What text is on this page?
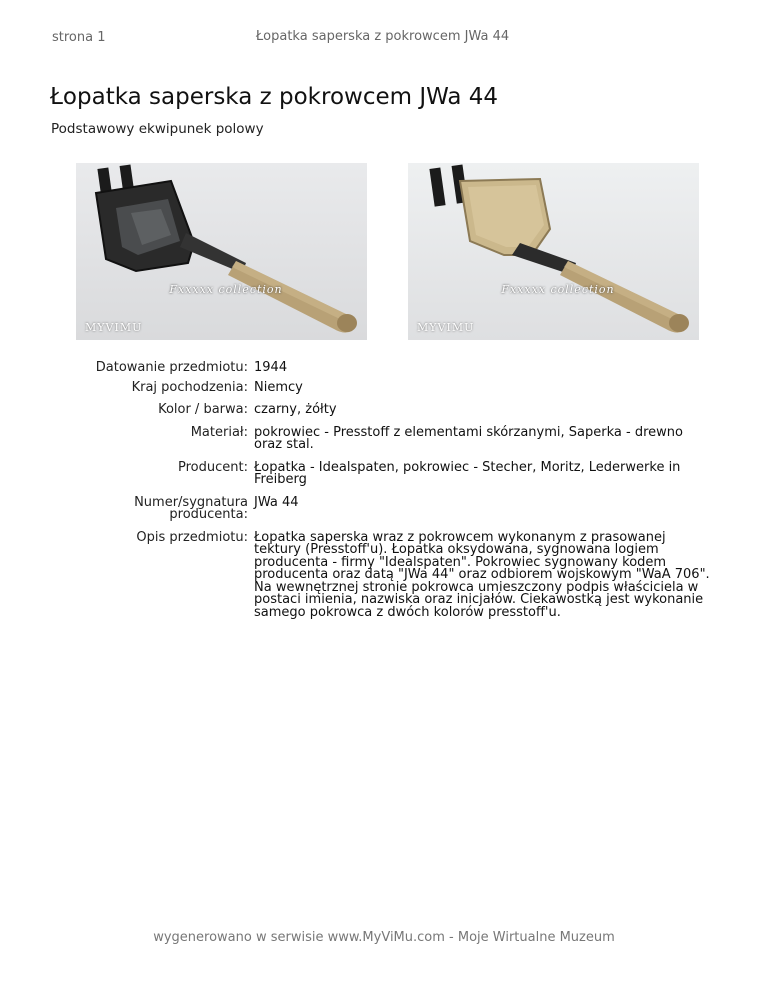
strona 1	Łopatka saperska z pokrowcem JWa 44
Łopatka saperska z pokrowcem JWa 44
Podstawowy ekwipunek polowy
Fxxxxx collection
MYVIMU
Fxxxxx collection
MYVIMU
Datowanie przedmiotu: 1944
Kraj pochodzenia: Niemcy
Kolor / barwa: czarny, żółty
Materiał: pokrowiec - Presstoff z elementami skórzanymi, Saperka - drewno oraz stal.
Producent: Łopatka - Idealspaten, pokrowiec - Stecher, Moritz, Lederwerke in Freiberg
Numer/sygnatura producenta:
JWa 44
Opis przedmiotu: Łopatka saperska wraz z pokrowcem wykonanym z prasowanej tektury (Presstoff'u). Łopatka oksydowana, sygnowana logiem producenta - firmy "Idealspaten". Pokrowiec sygnowany kodem producenta oraz datą "JWa 44" oraz odbiorem wojskowym "WaA 706". Na wewnętrznej stronie pokrowca umieszczony podpis właściciela w postaci imienia, nazwiska oraz inicjałów. Ciekawostką jest wykonanie samego pokrowca z dwóch kolorów presstoff'u.
wygenerowano w serwisie www.MyViMu.com - Moje Wirtualne Muzeum
